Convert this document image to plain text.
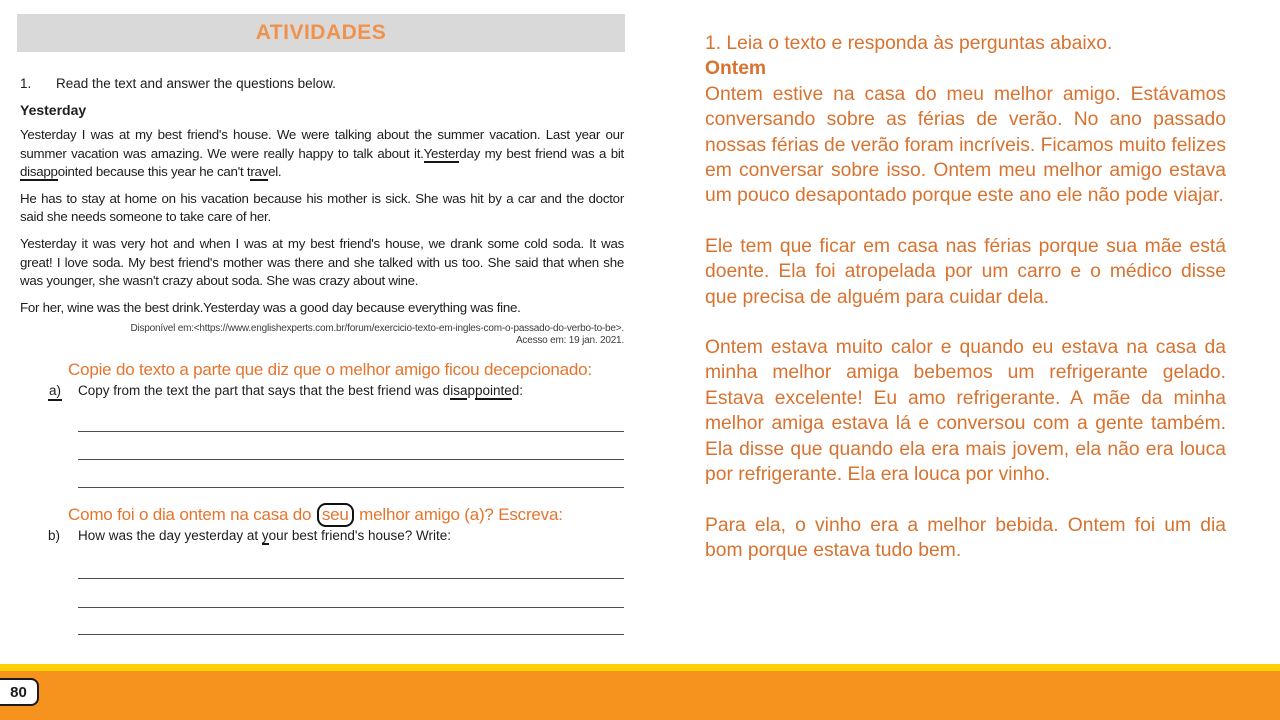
ATIVIDADES
1.	Read the text and answer the questions below.
Yesterday

Yesterday I was at my best friend's house. We were talking about the summer vacation. Last year our summer vacation was amazing. We were really happy to talk about it.Yesterday my best friend was a bit disappointed because this year he can't travel.

He has to stay at home on his vacation because his mother is sick. She was hit by a car and the doctor said she needs someone to take care of her.

Yesterday it was very hot and when I was at my best friend's house, we drank some cold soda. It was great! I love soda. My best friend's mother was there and she talked with us too. She said that when she was younger, she wasn't crazy about soda. She was crazy about wine.

For her, wine was the best drink.Yesterday was a good day because everything was fine.

Disponível em:<https://www.englishexperts.com.br/forum/exercicio-texto-em-ingles-com-o-passado-do-verbo-to-be>.
Acesso em: 19 jan. 2021.
Copie do texto a parte que diz que o melhor amigo ficou decepcionado:
a)	Copy from the text the part that says that the best friend was disappointed:
Como foi o dia ontem na casa do seu melhor amigo (a)? Escreva:
b)	How was the day yesterday at your best friend's house? Write:
1. Leia o texto e responda às perguntas abaixo.
Ontem

Ontem estive na casa do meu melhor amigo. Estávamos conversando sobre as férias de verão. No ano passado nossas férias de verão foram incríveis. Ficamos muito felizes em conversar sobre isso. Ontem meu melhor amigo estava um pouco desapontado porque este ano ele não pode viajar.

Ele tem que ficar em casa nas férias porque sua mãe está doente. Ela foi atropelada por um carro e o médico disse que precisa de alguém para cuidar dela.

Ontem estava muito calor e quando eu estava na casa da minha melhor amiga bebemos um refrigerante gelado. Estava excelente! Eu amo refrigerante. A mãe da minha melhor amiga estava lá e conversou com a gente também. Ela disse que quando ela era mais jovem, ela não era louca por refrigerante. Ela era louca por vinho.

Para ela, o vinho era a melhor bebida. Ontem foi um dia bom porque estava tudo bem.

80
